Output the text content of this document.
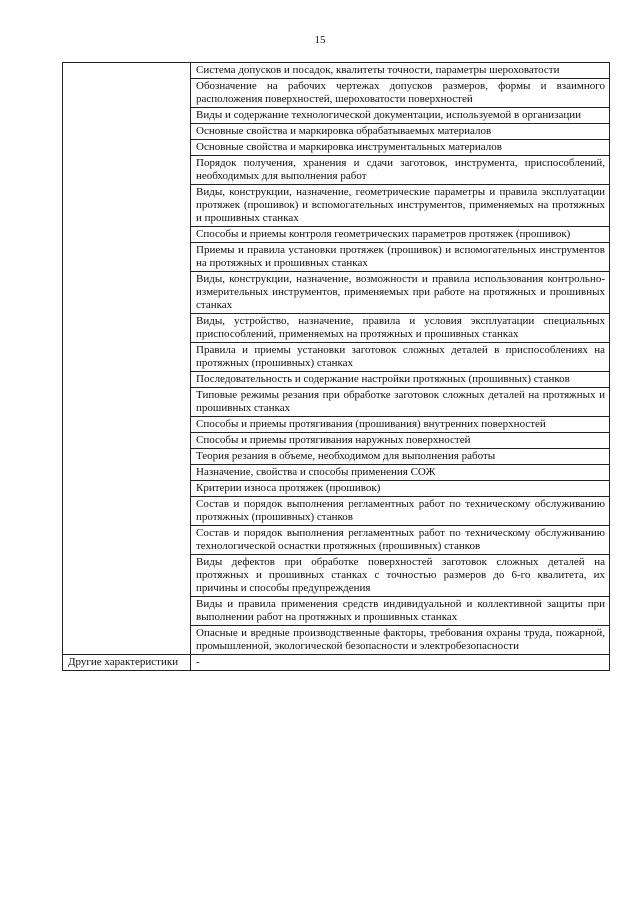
15
	Система допусков и посадок, квалитеты точности, параметры шероховатости
	Обозначение на рабочих чертежах допусков размеров, формы и взаимного расположения поверхностей, шероховатости поверхностей
	Виды и содержание технологической документации, используемой в организации
	Основные свойства и маркировка обрабатываемых материалов
	Основные свойства и маркировка инструментальных материалов
	Порядок получения, хранения и сдачи заготовок, инструмента, приспособлений, необходимых для выполнения работ
	Виды, конструкции, назначение, геометрические параметры и правила эксплуатации протяжек (прошивок) и вспомогательных инструментов, применяемых на протяжных и прошивных станках
	Способы и приемы контроля геометрических параметров протяжек (прошивок)
	Приемы и правила установки протяжек (прошивок) и вспомогательных инструментов на протяжных и прошивных станках
	Виды, конструкции, назначение, возможности и правила использования контрольно-измерительных инструментов, применяемых при работе на протяжных и прошивных станках
	Виды, устройство, назначение, правила и условия эксплуатации специальных приспособлений, применяемых на протяжных и прошивных станках
	Правила и приемы установки заготовок сложных деталей в приспособлениях на протяжных (прошивных) станках
	Последовательность и содержание настройки протяжных (прошивных) станков
	Типовые режимы резания при обработке заготовок сложных деталей на протяжных и прошивных станках
	Способы и приемы протягивания (прошивания) внутренних поверхностей
	Способы и приемы протягивания наружных поверхностей
	Теория резания в объеме, необходимом для выполнения работы
	Назначение, свойства и способы применения СОЖ
	Критерии износа протяжек (прошивок)
	Состав и порядок выполнения регламентных работ по техническому обслуживанию протяжных (прошивных) станков
	Состав и порядок выполнения регламентных работ по техническому обслуживанию технологической оснастки протяжных (прошивных) станков
	Виды дефектов при обработке поверхностей заготовок сложных деталей на протяжных и прошивных станках с точностью размеров до 6-го квалитета, их причины и способы предупреждения
	Виды и правила применения средств индивидуальной и коллективной защиты при выполнении работ на протяжных и прошивных станках
	Опасные и вредные производственные факторы, требования охраны труда, пожарной, промышленной, экологической безопасности и электробезопасности
Другие характеристики	-
